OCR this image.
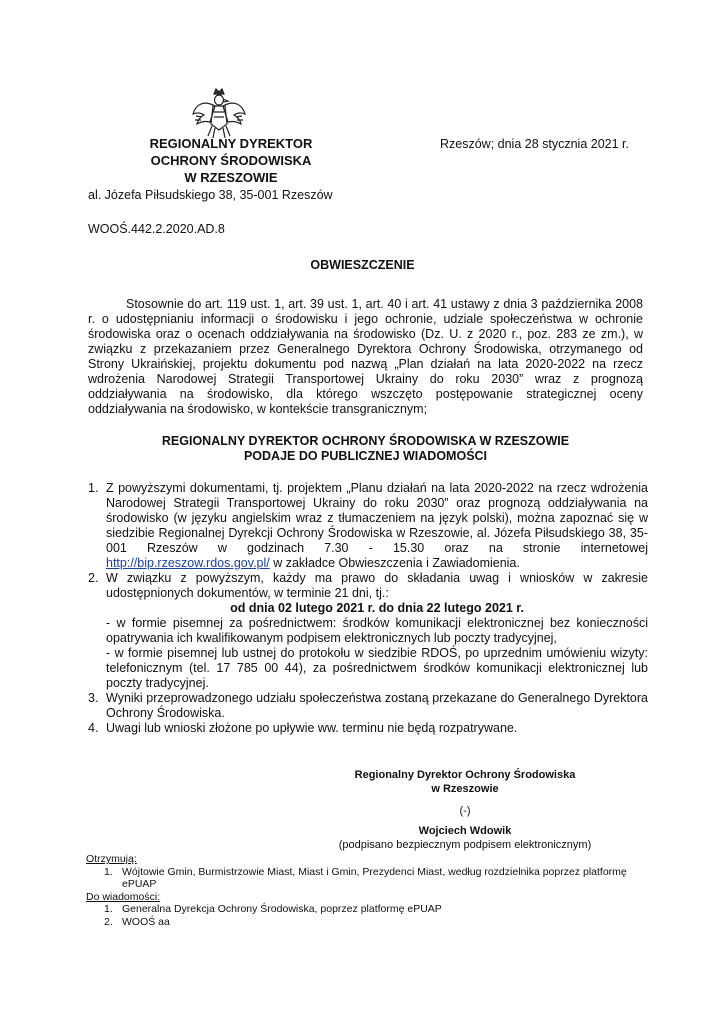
REGIONALNY DYREKTOR
OCHRONY ŚRODOWISKA
W RZESZOWIE
al. Józefa Piłsudskiego 38, 35-001 Rzeszów
Rzeszów; dnia 28 stycznia 2021 r.
WOOŚ.442.2.2020.AD.8
OBWIESZCZENIE
Stosownie do art. 119 ust. 1, art. 39 ust. 1, art. 40 i art. 41 ustawy z dnia 3 października 2008 r. o udostępnianiu informacji o środowisku i jego ochronie, udziale społeczeństwa w ochronie środowiska oraz o ocenach oddziaływania na środowisko (Dz. U. z 2020 r., poz. 283 ze zm.), w związku z przekazaniem przez Generalnego Dyrektora Ochrony Środowiska, otrzymanego od Strony Ukraińskiej, projektu dokumentu pod nazwą „Plan działań na lata 2020-2022 na rzecz wdrożenia Narodowej Strategii Transportowej Ukrainy do roku 2030” wraz z prognozą oddziaływania na środowisko, dla którego wszczęto postępowanie strategicznej oceny oddziaływania na środowisko, w kontekście transgranicznym;
REGIONALNY DYREKTOR OCHRONY ŚRODOWISKA W RZESZOWIE
PODAJE DO PUBLICZNEJ WIADOMOŚCI
1. Z powyższymi dokumentami, tj. projektem „Planu działań na lata 2020-2022 na rzecz wdrożenia Narodowej Strategii Transportowej Ukrainy do roku 2030” oraz prognozą oddziaływania na środowisko (w języku angielskim wraz z tłumaczeniem na język polski), można zapoznać się w siedzibie Regionalnej Dyrekcji Ochrony Środowiska w Rzeszowie, al. Józefa Piłsudskiego 38, 35-001 Rzeszów w godzinach 7.30 - 15.30 oraz na stronie internetowej http://bip.rzeszow.rdos.gov.pl/ w zakładce Obwieszczenia i Zawiadomienia.
2. W związku z powyższym, każdy ma prawo do składania uwag i wniosków w zakresie udostępnionych dokumentów, w terminie 21 dni, tj.:
od dnia 02 lutego 2021 r. do dnia 22 lutego 2021 r.
- w formie pisemnej za pośrednictwem: środków komunikacji elektronicznej bez konieczności opatrywania ich kwalifikowanym podpisem elektronicznych lub poczty tradycyjnej,
- w formie pisemnej lub ustnej do protokołu w siedzibie RDOŚ, po uprzednim umówieniu wizyty: telefonicznym (tel. 17 785 00 44), za pośrednictwem środków komunikacji elektronicznej lub poczty tradycyjnej.
3. Wyniki przeprowadzonego udziału społeczeństwa zostaną przekazane do Generalnego Dyrektora Ochrony Środowiska.
4. Uwagi lub wnioski złożone po upływie ww. terminu nie będą rozpatrywane.
Regionalny Dyrektor Ochrony Środowiska
w Rzeszowie
(-)
Wojciech Wdowik
(podpisano bezpiecznym podpisem elektronicznym)
Otrzymują:
1. Wójtowie Gmin, Burmistrzowie Miast, Miast i Gmin, Prezydenci Miast, według rozdzielnika poprzez platformę ePUAP
Do wiadomości:
1. Generalna Dyrekcja Ochrony Środowiska, poprzez platformę ePUAP
2. WOOŚ aa
